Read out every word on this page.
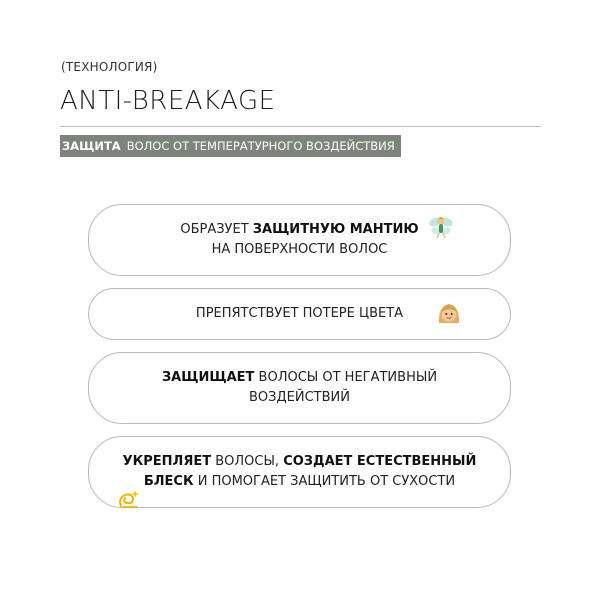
(ТЕХНОЛОГИЯ)
ANTI-BREAKAGE
ЗАЩИТА ВОЛОС ОТ ТЕМПЕРАТУРНОГО ВОЗДЕЙСТВИЯ
ОБРАЗУЕТ ЗАЩИТНУЮ МАНТИЮ
НА ПОВЕРХНОСТИ ВОЛОС
ПРЕПЯТСТВУЕТ ПОТЕРЕ ЦВЕТА
ЗАЩИЩАЕТ ВОЛОСЫ ОТ НЕГАТИВНЫЙ
ВОЗДЕЙСТВИЙ
УКРЕПЛЯЕТ ВОЛОСЫ, СОЗДАЕТ ЕСТЕСТВЕННЫЙ
БЛЕСК И ПОМОГАЕТ ЗАЩИТИТЬ ОТ СУХОСТИ
